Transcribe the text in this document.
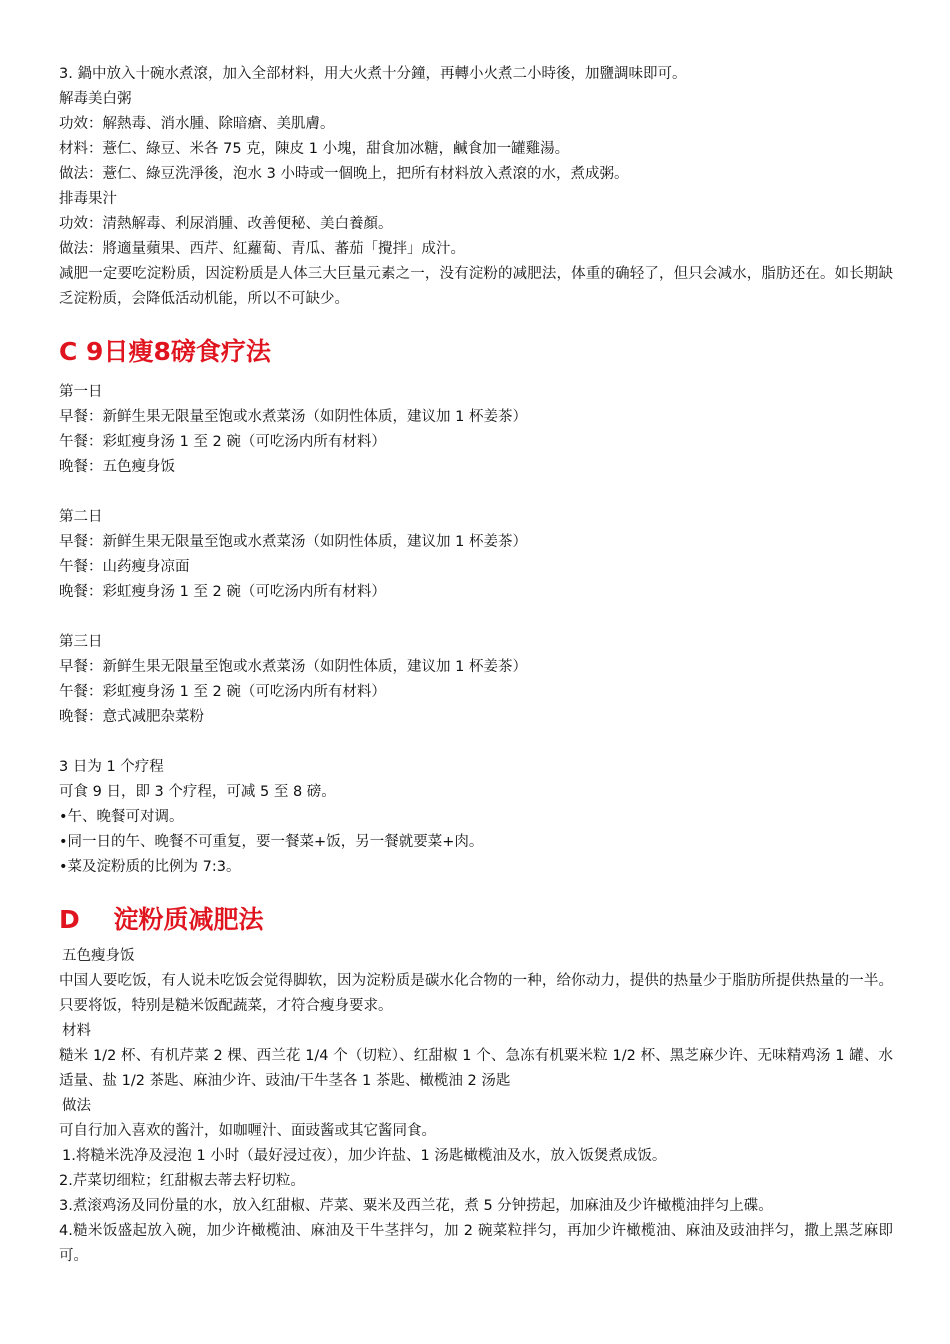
3. 鍋中放入十碗水煮滾，加入全部材料，用大火煮十分鐘，再轉小火煮二小時後，加鹽調味即可。
解毒美白粥
功效：解熱毒、消水腫、除暗瘡、美肌膚。
材料：薏仁、綠豆、米各 75 克，陳皮 1 小塊，甜食加冰糖，鹹食加一罐雞湯。
做法：薏仁、綠豆洗淨後，泡水 3 小時或一個晚上，把所有材料放入煮滾的水，煮成粥。
排毒果汁
功效：清熱解毒、利尿消腫、改善便秘、美白養顏。
做法：將適量蘋果、西芹、紅蘿蔔、青瓜、蕃茄「攪拌」成汁。
减肥一定要吃淀粉质，因淀粉质是人体三大巨量元素之一，没有淀粉的减肥法，体重的确轻了，但只会减水，脂肪还在。如长期缺乏淀粉质，会降低活动机能，所以不可缺少。
C 9日瘦8磅食疗法
第一日
早餐：新鲜生果无限量至饱或水煮菜汤（如阴性体质，建议加 1 杯姜茶）
午餐：彩虹瘦身汤 1 至 2 碗（可吃汤内所有材料）
晚餐：五色瘦身饭
第二日
早餐：新鲜生果无限量至饱或水煮菜汤（如阴性体质，建议加 1 杯姜茶）
午餐：山药瘦身凉面
晚餐：彩虹瘦身汤 1 至 2 碗（可吃汤内所有材料）
第三日
早餐：新鲜生果无限量至饱或水煮菜汤（如阴性体质，建议加 1 杯姜茶）
午餐：彩虹瘦身汤 1 至 2 碗（可吃汤内所有材料）
晚餐：意式减肥杂菜粉
3 日为 1 个疗程
可食 9 日，即 3 个疗程，可减 5 至 8 磅。
•午、晚餐可对调。
•同一日的午、晚餐不可重复，要一餐菜+饭，另一餐就要菜+肉。
•菜及淀粉质的比例为 7:3。
D　 淀粉质减肥法
五色瘦身饭
中国人要吃饭，有人说未吃饭会觉得脚软，因为淀粉质是碳水化合物的一种，给你动力，提供的热量少于脂肪所提供热量的一半。只要将饭，特别是糙米饭配蔬菜，才符合瘦身要求。
材料
糙米 1/2 杯、有机芹菜 2 棵、西兰花 1/4 个（切粒）、红甜椒 1 个、急冻有机粟米粒 1/2 杯、黑芝麻少许、无味精鸡汤 1 罐、水适量、盐 1/2 茶匙、麻油少许、豉油/干牛茎各 1 茶匙、橄榄油 2 汤匙
做法
可自行加入喜欢的酱汁，如咖喱汁、面豉酱或其它酱同食。
1.将糙米洗净及浸泡 1 小时（最好浸过夜），加少许盐、1 汤匙橄榄油及水，放入饭煲煮成饭。
2.芹菜切细粒；红甜椒去蒂去籽切粒。
3.煮滚鸡汤及同份量的水，放入红甜椒、芹菜、粟米及西兰花，煮 5 分钟捞起，加麻油及少许橄榄油拌匀上碟。
4.糙米饭盛起放入碗，加少许橄榄油、麻油及干牛茎拌匀，加 2 碗菜粒拌匀，再加少许橄榄油、麻油及豉油拌匀，撒上黑芝麻即可。
